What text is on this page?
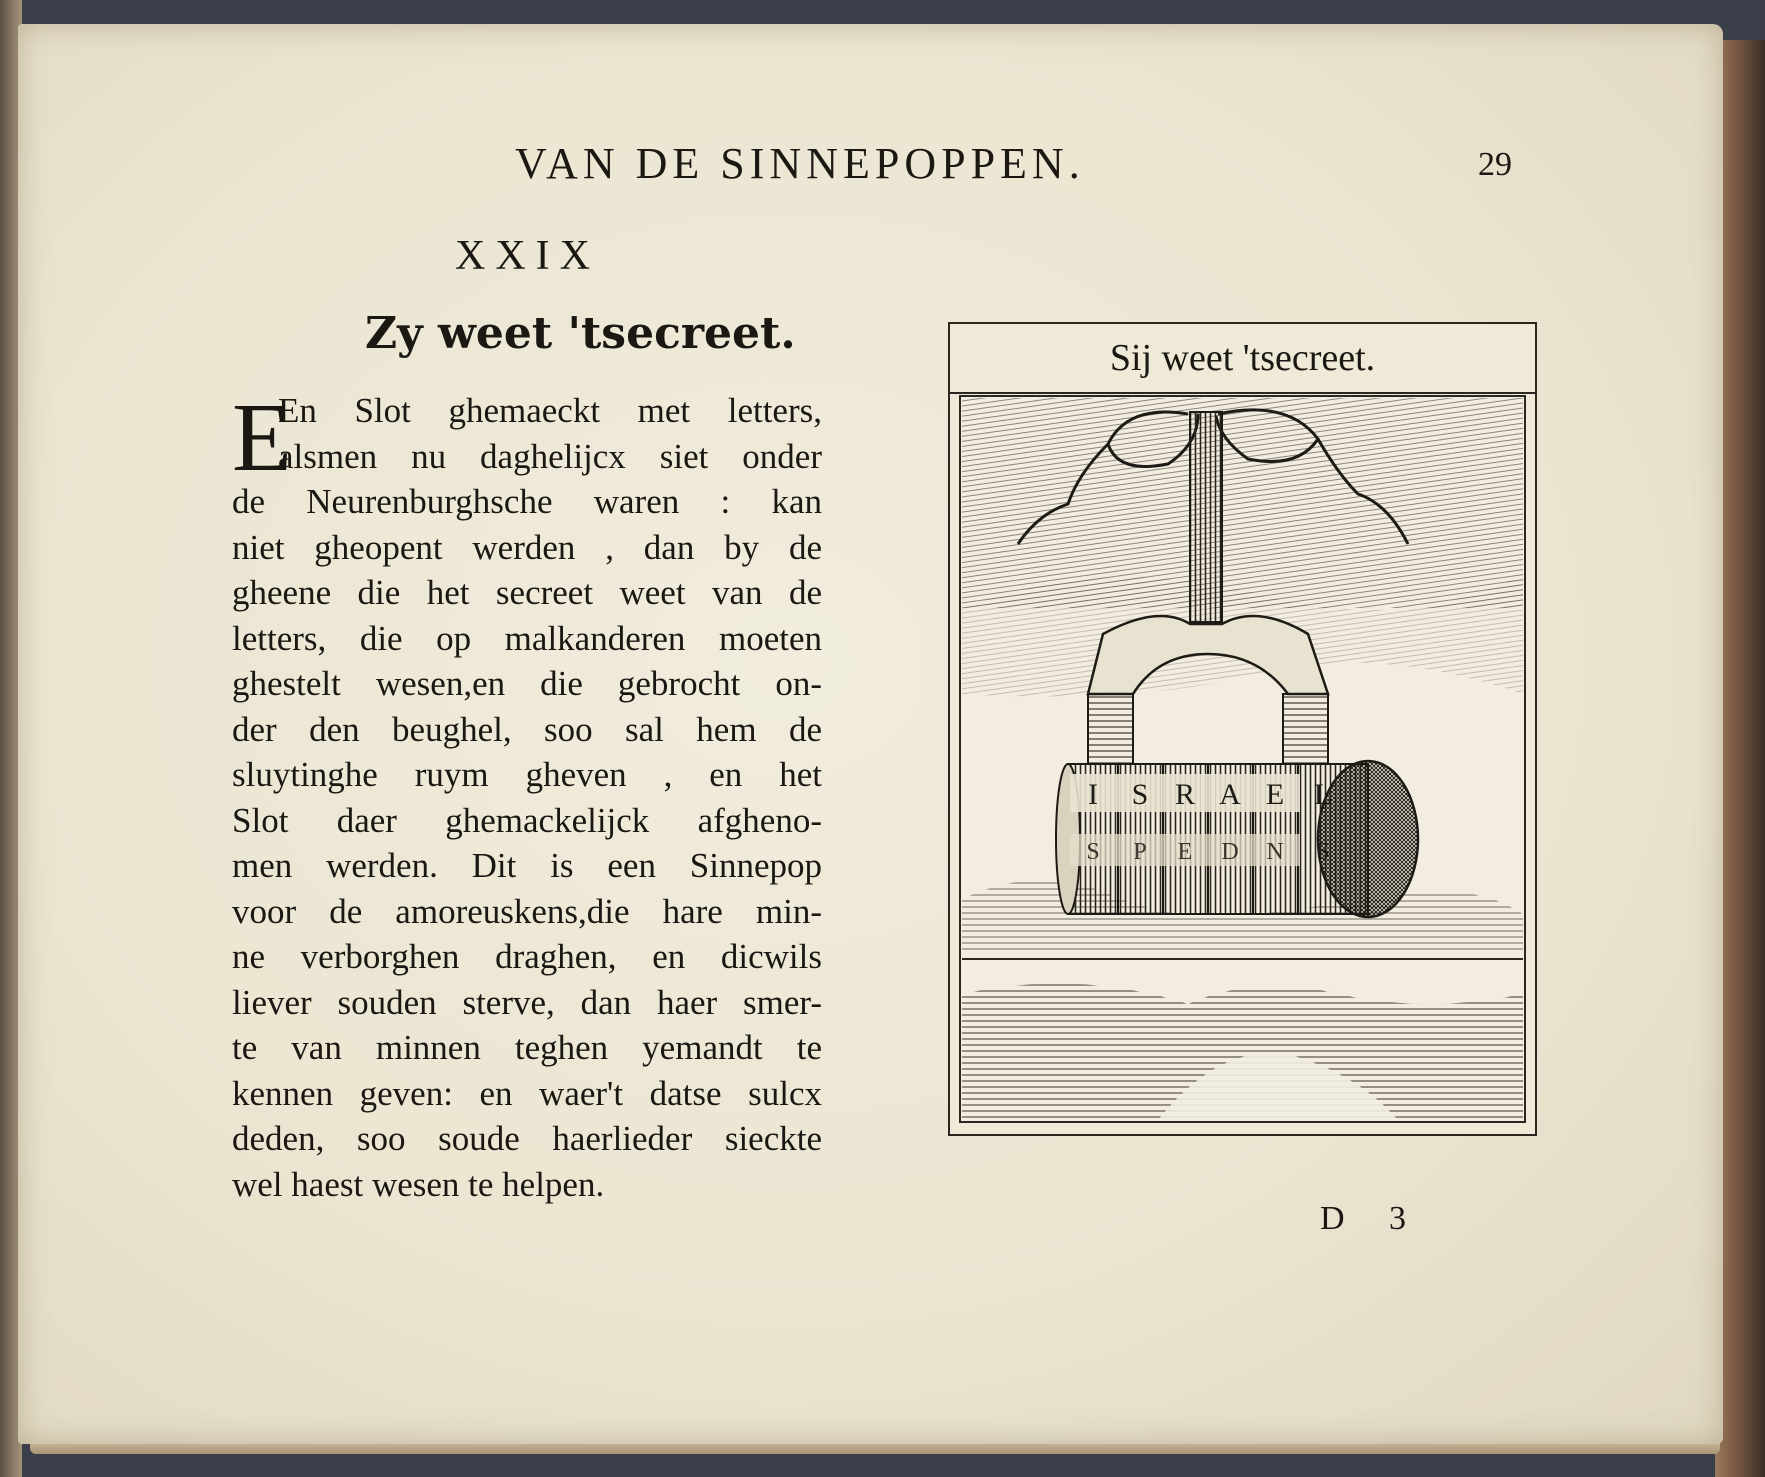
VAN DE SINNEPOPPEN.	29
XXIX
Zy weet 'tsecreet.
E
En Slot ghemaeckt met letters,
alsmen nu daghelijcx siet onder
de Neurenburghsche waren : kan
niet gheopent werden , dan by de
gheene die het secreet weet van de
letters, die op malkanderen moeten
ghestelt wesen,en die gebrocht on-
der den beughel, soo sal hem de
sluytinghe ruym gheven , en het
Slot daer ghemackelijck afgheno-
men werden. Dit is een Sinnepop
voor de amoreuskens,die hare min-
ne verborghen draghen, en dicwils
liever souden sterve, dan haer smer-
te van minnen teghen yemandt te
kennen geven: en waer't datse sulcx
deden, soo soude haerlieder sieckte
wel haest wesen te helpen.
Sij weet 'tsecreet.
I S R A E L
S P E D N S
D 3
